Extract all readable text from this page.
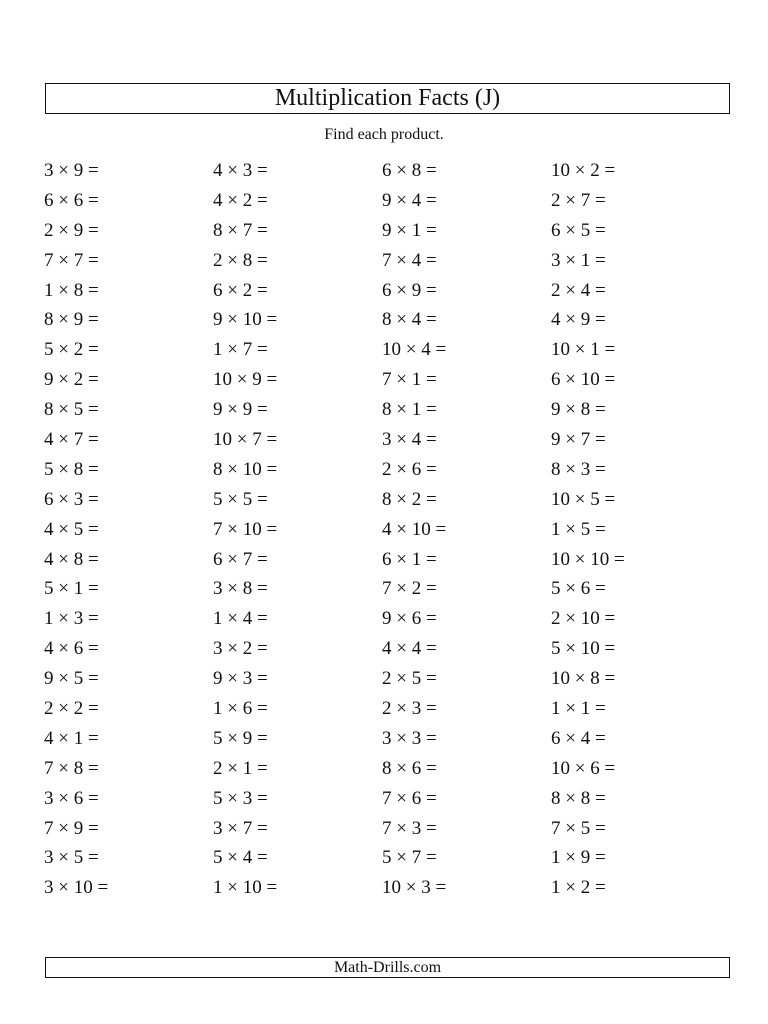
Multiplication Facts (J)
Find each product.
3 × 9 =	4 × 3 =	6 × 8 =	10 × 2 =
6 × 6 =	4 × 2 =	9 × 4 =	2 × 7 =
2 × 9 =	8 × 7 =	9 × 1 =	6 × 5 =
7 × 7 =	2 × 8 =	7 × 4 =	3 × 1 =
1 × 8 =	6 × 2 =	6 × 9 =	2 × 4 =
8 × 9 =	9 × 10 =	8 × 4 =	4 × 9 =
5 × 2 =	1 × 7 =	10 × 4 =	10 × 1 =
9 × 2 =	10 × 9 =	7 × 1 =	6 × 10 =
8 × 5 =	9 × 9 =	8 × 1 =	9 × 8 =
4 × 7 =	10 × 7 =	3 × 4 =	9 × 7 =
5 × 8 =	8 × 10 =	2 × 6 =	8 × 3 =
6 × 3 =	5 × 5 =	8 × 2 =	10 × 5 =
4 × 5 =	7 × 10 =	4 × 10 =	1 × 5 =
4 × 8 =	6 × 7 =	6 × 1 =	10 × 10 =
5 × 1 =	3 × 8 =	7 × 2 =	5 × 6 =
1 × 3 =	1 × 4 =	9 × 6 =	2 × 10 =
4 × 6 =	3 × 2 =	4 × 4 =	5 × 10 =
9 × 5 =	9 × 3 =	2 × 5 =	10 × 8 =
2 × 2 =	1 × 6 =	2 × 3 =	1 × 1 =
4 × 1 =	5 × 9 =	3 × 3 =	6 × 4 =
7 × 8 =	2 × 1 =	8 × 6 =	10 × 6 =
3 × 6 =	5 × 3 =	7 × 6 =	8 × 8 =
7 × 9 =	3 × 7 =	7 × 3 =	7 × 5 =
3 × 5 =	5 × 4 =	5 × 7 =	1 × 9 =
3 × 10 =	1 × 10 =	10 × 3 =	1 × 2 =
Math-Drills.com
